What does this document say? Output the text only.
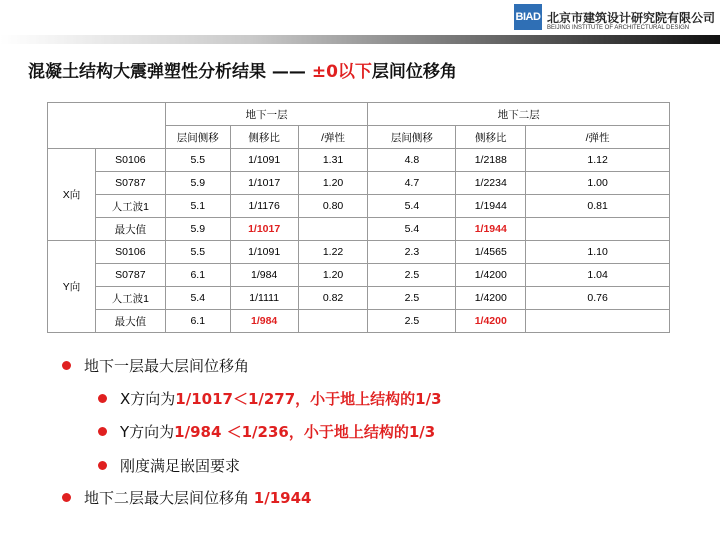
BIAD 北京市建筑设计研究院有限公司
BEIJING INSTITUTE OF ARCHITECTURAL DESIGN
混凝土结构大震弹塑性分析结果 —— ±0以下层间位移角
		地下一层			地下二层		
		层间侧移	侧移比	/弹性	层间侧移	侧移比	/弹性
X向	S0106	5.5	1/1091	1.31	4.8	1/2188	1.12
	S0787	5.9	1/1017	1.20	4.7	1/2234	1.00
	人工波1	5.1	1/1176	0.80	5.4	1/1944	0.81
	最大值	5.9	1/1017		5.4	1/1944	
Y向	S0106	5.5	1/1091	1.22	2.3	1/4565	1.10
	S0787	6.1	1/984	1.20	2.5	1/4200	1.04
	人工波1	5.4	1/1111	0.82	2.5	1/4200	0.76
	最大值	6.1	1/984		2.5	1/4200	
地下一层最大层间位移角
X方向为1/1017＜1/277，小于地上结构的1/3
Y方向为1/984 ＜1/236，小于地上结构的1/3
刚度满足嵌固要求
地下二层最大层间位移角 1/1944
